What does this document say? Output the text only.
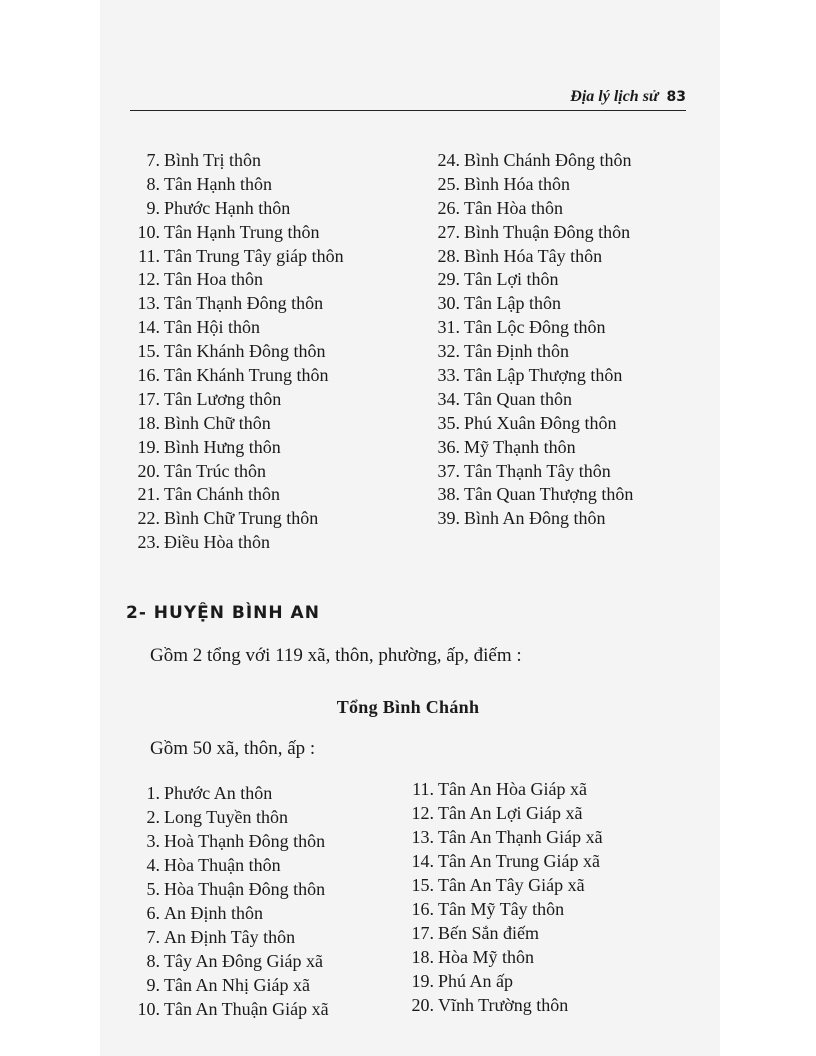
Địa lý lịch sử 83
7. Bình Trị thôn
8. Tân Hạnh thôn
9. Phước Hạnh thôn
10. Tân Hạnh Trung thôn
11. Tân Trung Tây giáp thôn
12. Tân Hoa thôn
13. Tân Thạnh Đông thôn
14. Tân Hội thôn
15. Tân Khánh Đông thôn
16. Tân Khánh Trung thôn
17. Tân Lương thôn
18. Bình Chữ thôn
19. Bình Hưng thôn
20. Tân Trúc thôn
21. Tân Chánh thôn
22. Bình Chữ Trung thôn
23. Điều Hòa thôn
24. Bình Chánh Đông thôn
25. Bình Hóa thôn
26. Tân Hòa thôn
27. Bình Thuận Đông thôn
28. Bình Hóa Tây thôn
29. Tân Lợi thôn
30. Tân Lập thôn
31. Tân Lộc Đông thôn
32. Tân Định thôn
33. Tân Lập Thượng thôn
34. Tân Quan thôn
35. Phú Xuân Đông thôn
36. Mỹ Thạnh thôn
37. Tân Thạnh Tây thôn
38. Tân Quan Thượng thôn
39. Bình An Đông thôn
2- HUYỆN BÌNH AN
Gồm 2 tổng với 119 xã, thôn, phường, ấp, điếm :
Tổng Bình Chánh
Gồm 50 xã, thôn, ấp :
1. Phước An thôn
2. Long Tuyền thôn
3. Hoà Thạnh Đông thôn
4. Hòa Thuận thôn
5. Hòa Thuận Đông thôn
6. An Định thôn
7. An Định Tây thôn
8. Tây An Đông Giáp xã
9. Tân An Nhị Giáp xã
10. Tân An Thuận Giáp xã
11. Tân An Hòa Giáp xã
12. Tân An Lợi Giáp xã
13. Tân An Thạnh Giáp xã
14. Tân An Trung Giáp xã
15. Tân An Tây Giáp xã
16. Tân Mỹ Tây thôn
17. Bến Sắn điếm
18. Hòa Mỹ thôn
19. Phú An ấp
20. Vĩnh Trường thôn
